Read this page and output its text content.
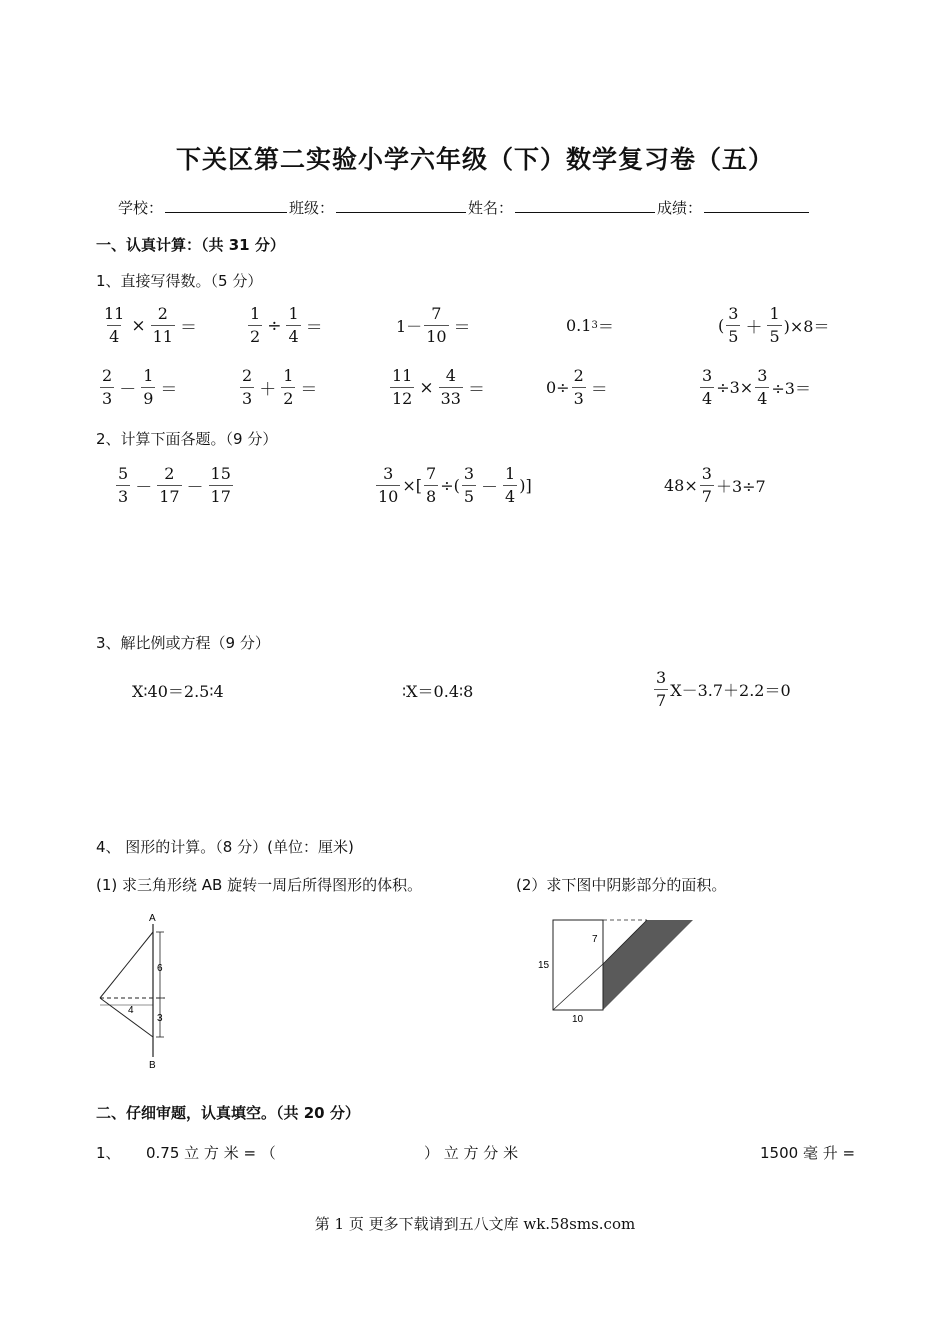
下关区第二实验小学六年级（下）数学复习卷（五）
学校：	班级：	姓名：	成绩：
一、认真计算：（共 31 分）
1、直接写得数。（5 分）
$\frac{11}{4} \times \frac{2}{11}$ ＝	$\frac{1}{2} \div \frac{1}{4}$ ＝	$1- \frac{7}{10}$ ＝	0.1 3 ＝	( $\frac{3}{5} + \frac{1}{5} )\times 8=$
$\frac{2}{3} - \frac{1}{9}$ ＝	$\frac{2}{3} + \frac{1}{2}$ ＝	$\frac{11}{12} \times \frac{4}{33}$ ＝	$0\div \frac{2}{3}$ ＝	$\frac{3}{4} \div 3\times \frac{3}{4} \div 3=$
2、计算下面各题。（9 分）
$\frac{5}{3} - \frac{2}{17} - \frac{15}{17}$	$\frac{3}{10}$ ×[ $\frac{7}{8}$ ÷( $\frac{3}{5} - \frac{1}{4}$ )]	$48\times \frac{3}{7} +3\div 7$
3、解比例或方程（9 分）
X∶40＝2.5∶4	∶X＝0.4∶8	$\frac{3}{7} X-3.7+2.2=0$
4、 图形的计算。（8 分）(单位：厘米)
(1) 求三角形绕 AB 旋转一周后所得图形的体积。	(2）求下图中阴影部分的面积。
A
B
6
4
3
7
15
10
二、仔细审题，认真填空。（共 20 分）
1、 0.75 立 方 米 = （	） 立 方 分 米	1500 毫 升 =
第 1 页 更多下载请到五八文库 wk.58sms.com
